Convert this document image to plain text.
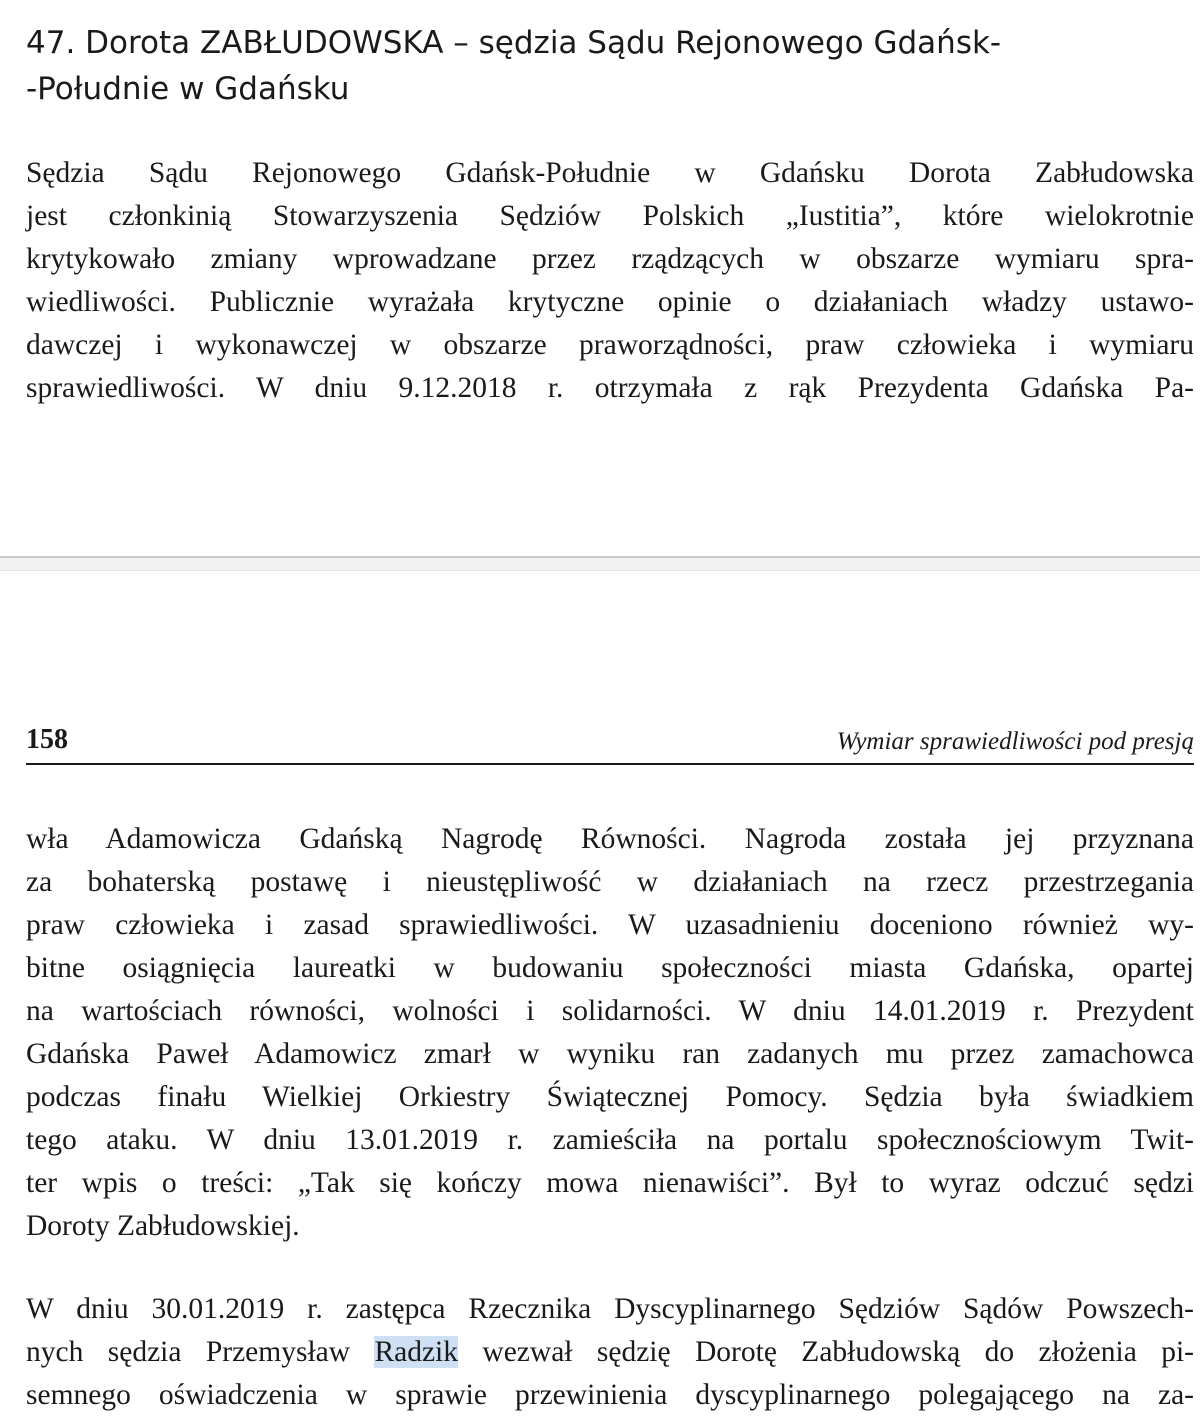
47. Dorota ZABŁUDOWSKA – sędzia Sądu Rejonowego Gdańsk-
-Południe w Gdańsku
Sędzia Sądu Rejonowego Gdańsk-Południe w Gdańsku Dorota Zabłudowska
jest członkinią Stowarzyszenia Sędziów Polskich „Iustitia”, które wielokrotnie
krytykowało zmiany wprowadzane przez rządzących w obszarze wymiaru spra-
wiedliwości. Publicznie wyrażała krytyczne opinie o działaniach władzy ustawo-
dawczej i wykonawczej w obszarze praworządności, praw człowieka i wymiaru
sprawiedliwości. W dniu 9.12.2018 r. otrzymała z rąk Prezydenta Gdańska Pa-
158	Wymiar sprawiedliwości pod presją
wła Adamowicza Gdańską Nagrodę Równości. Nagroda została jej przyznana
za bohaterską postawę i nieustępliwość w działaniach na rzecz przestrzegania
praw człowieka i zasad sprawiedliwości. W uzasadnieniu doceniono również wy-
bitne osiągnięcia laureatki w budowaniu społeczności miasta Gdańska, opartej
na wartościach równości, wolności i solidarności. W dniu 14.01.2019 r. Prezydent
Gdańska Paweł Adamowicz zmarł w wyniku ran zadanych mu przez zamachowca
podczas finału Wielkiej Orkiestry Świątecznej Pomocy. Sędzia była świadkiem
tego ataku. W dniu 13.01.2019 r. zamieściła na portalu społecznościowym Twit-
ter wpis o treści: „Tak się kończy mowa nienawiści”. Był to wyraz odczuć sędzi
Doroty Zabłudowskiej.
W dniu 30.01.2019 r. zastępca Rzecznika Dyscyplinarnego Sędziów Sądów Powszech-
nych sędzia Przemysław Radzik wezwał sędzię Dorotę Zabłudowską do złożenia pi-
semnego oświadczenia w sprawie przewinienia dyscyplinarnego polegającego na za-
